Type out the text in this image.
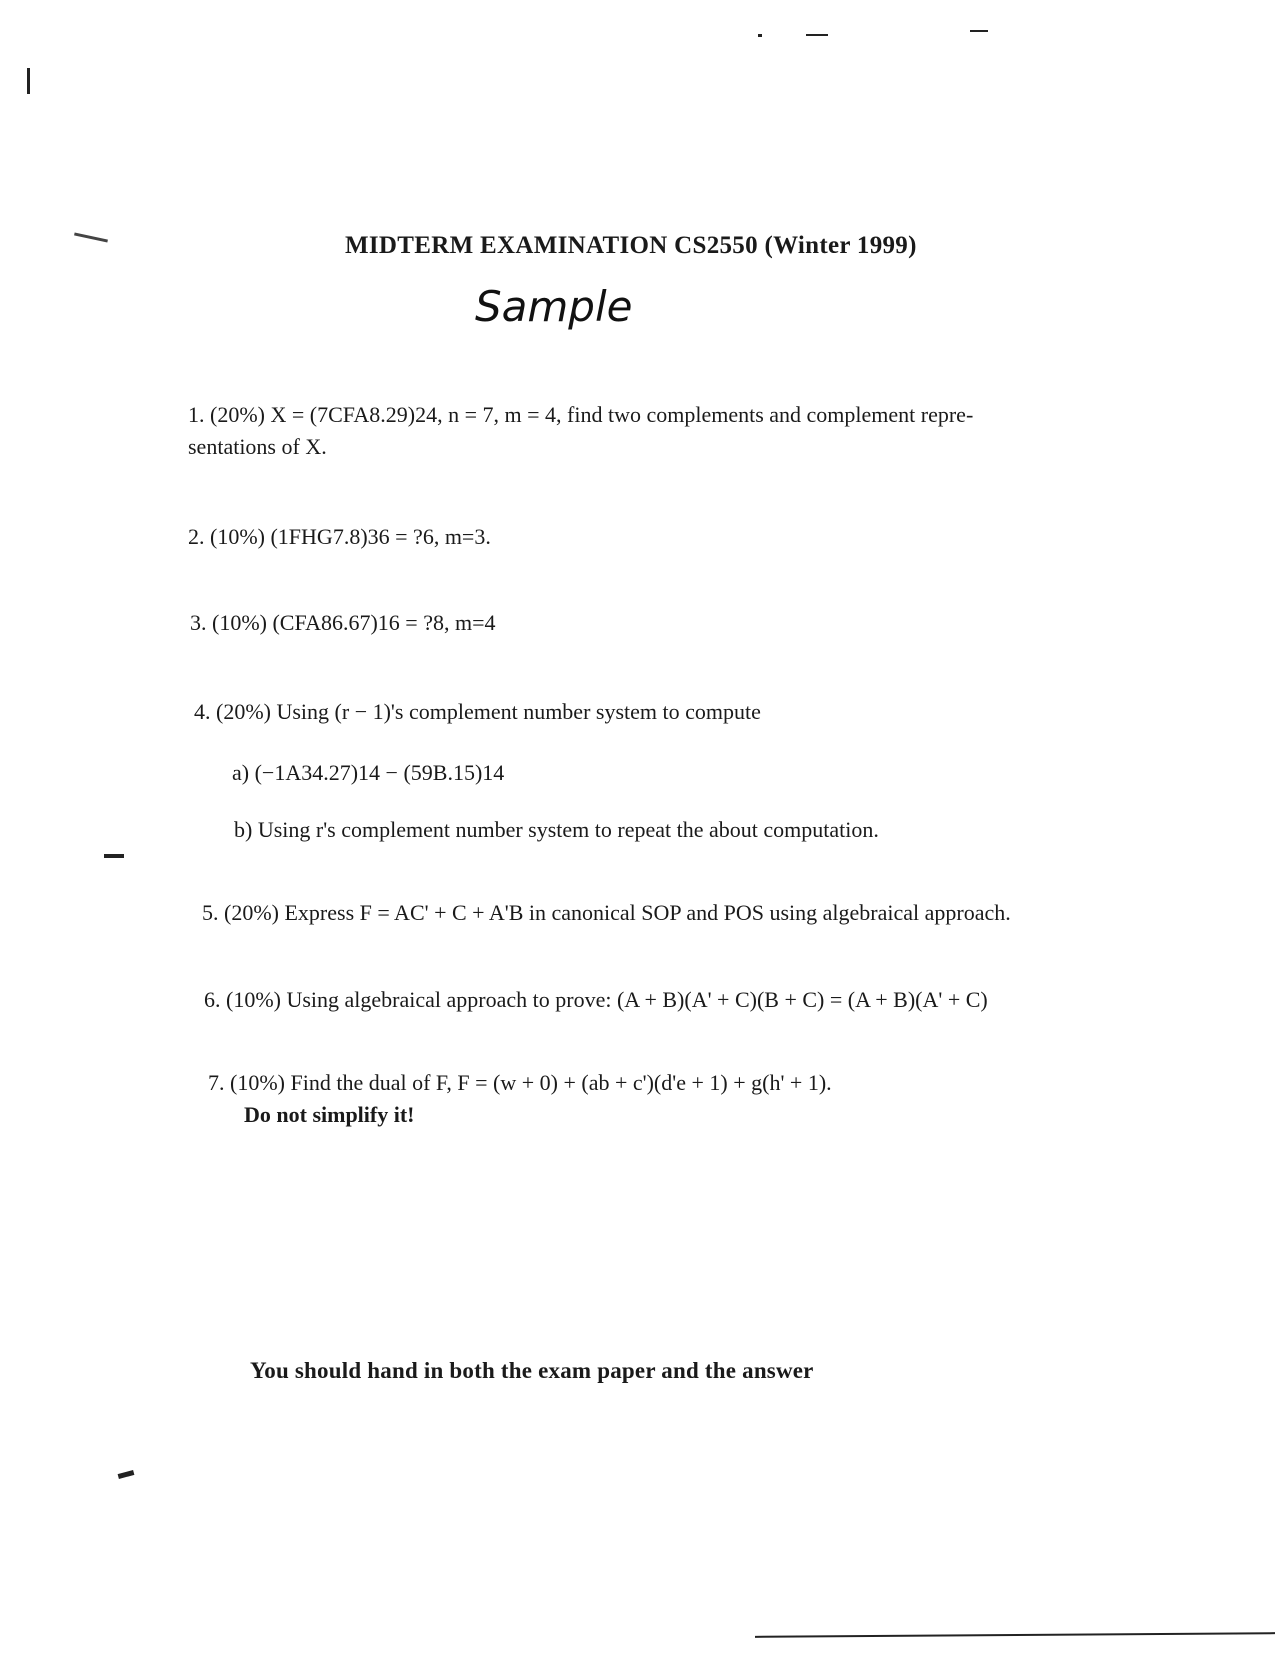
MIDTERM EXAMINATION CS2550 (Winter 1999)
Sample
1. (20%) X = (7CFA8.29)24, n = 7, m = 4, find two complements and complement repre-
sentations of X.
2. (10%) (1FHG7.8)36 = ?6, m=3.
3. (10%) (CFA86.67)16 = ?8, m=4
4. (20%) Using (r − 1)'s complement number system to compute
a) (−1A34.27)14 − (59B.15)14
b) Using r's complement number system to repeat the about computation.
5. (20%) Express F = AC' + C + A'B in canonical SOP and POS using algebraical approach.
6. (10%) Using algebraical approach to prove: (A + B)(A' + C)(B + C) = (A + B)(A' + C)
7. (10%) Find the dual of F, F = (w + 0) + (ab + c')(d'e + 1) + g(h' + 1).
Do not simplify it!
You should hand in both the exam paper and the answer
